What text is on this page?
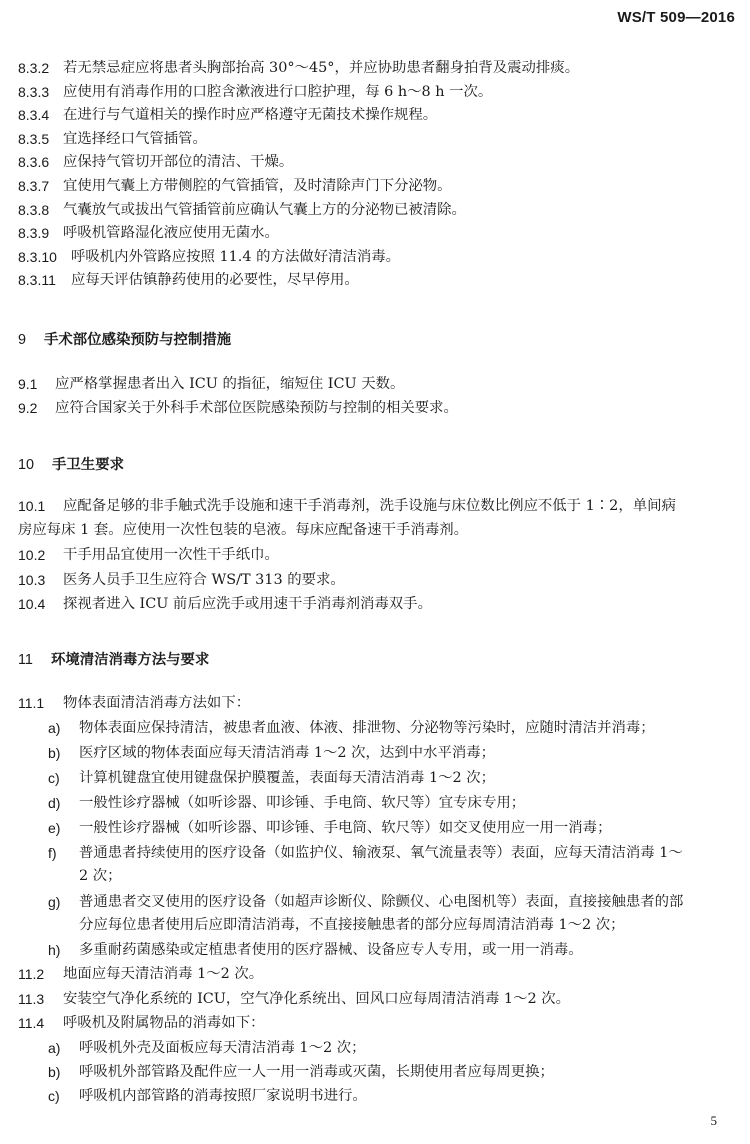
WS/T 509—2016
8.3.2 若无禁忌症应将患者头胸部抬高 30°～45°，并应协助患者翻身拍背及震动排痰。
8.3.3 应使用有消毒作用的口腔含漱液进行口腔护理，每 6 h～8 h 一次。
8.3.4 在进行与气道相关的操作时应严格遵守无菌技术操作规程。
8.3.5 宜选择经口气管插管。
8.3.6 应保持气管切开部位的清洁、干燥。
8.3.7 宜使用气囊上方带侧腔的气管插管，及时清除声门下分泌物。
8.3.8 气囊放气或拔出气管插管前应确认气囊上方的分泌物已被清除。
8.3.9 呼吸机管路湿化液应使用无菌水。
8.3.10 呼吸机内外管路应按照 11.4 的方法做好清洁消毒。
8.3.11 应每天评估镇静药使用的必要性，尽早停用。
9 手术部位感染预防与控制措施
9.1 应严格掌握患者出入 ICU 的指征，缩短住 ICU 天数。
9.2 应符合国家关于外科手术部位医院感染预防与控制的相关要求。
10 手卫生要求
10.1 应配备足够的非手触式洗手设施和速干手消毒剂，洗手设施与床位数比例应不低于 1∶2，单间病
房应每床 1 套。应使用一次性包装的皂液。每床应配备速干手消毒剂。
10.2 干手用品宜使用一次性干手纸巾。
10.3 医务人员手卫生应符合 WS/T 313 的要求。
10.4 探视者进入 ICU 前后应洗手或用速干手消毒剂消毒双手。
11 环境清洁消毒方法与要求
11.1 物体表面清洁消毒方法如下：
a) 物体表面应保持清洁，被患者血液、体液、排泄物、分泌物等污染时，应随时清洁并消毒；
b) 医疗区域的物体表面应每天清洁消毒 1～2 次，达到中水平消毒；
c) 计算机键盘宜使用键盘保护膜覆盖，表面每天清洁消毒 1～2 次；
d) 一般性诊疗器械（如听诊器、叩诊锤、手电筒、软尺等）宜专床专用；
e) 一般性诊疗器械（如听诊器、叩诊锤、手电筒、软尺等）如交叉使用应一用一消毒；
f) 普通患者持续使用的医疗设备（如监护仪、输液泵、氧气流量表等）表面，应每天清洁消毒 1～
2 次；
g) 普通患者交叉使用的医疗设备（如超声诊断仪、除颤仪、心电图机等）表面，直接接触患者的部
分应每位患者使用后应即清洁消毒，不直接接触患者的部分应每周清洁消毒 1～2 次；
h) 多重耐药菌感染或定植患者使用的医疗器械、设备应专人专用，或一用一消毒。
11.2 地面应每天清洁消毒 1～2 次。
11.3 安装空气净化系统的 ICU，空气净化系统出、回风口应每周清洁消毒 1～2 次。
11.4 呼吸机及附属物品的消毒如下：
a) 呼吸机外壳及面板应每天清洁消毒 1～2 次；
b) 呼吸机外部管路及配件应一人一用一消毒或灭菌，长期使用者应每周更换；
c) 呼吸机内部管路的消毒按照厂家说明书进行。
5
